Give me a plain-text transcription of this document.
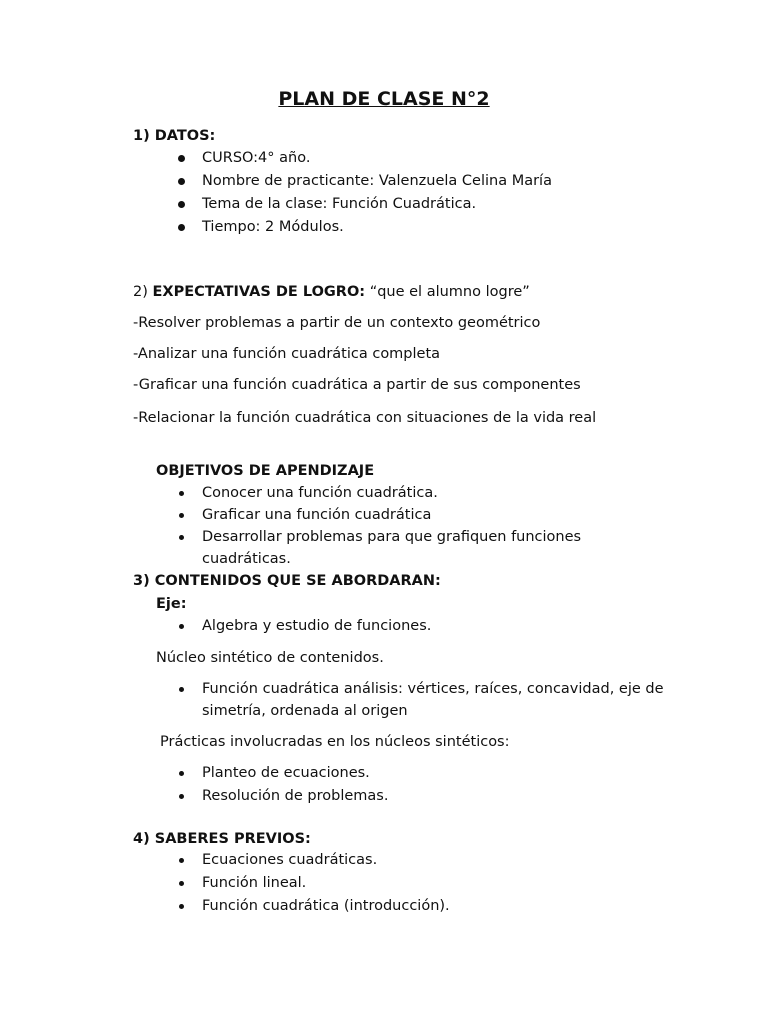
PLAN DE CLASE N°2
1) DATOS:
CURSO:4° año.
Nombre de practicante: Valenzuela Celina María
Tema de la clase: Función Cuadrática.
Tiempo: 2 Módulos.
2) EXPECTATIVAS DE LOGRO: “que el alumno logre”
-Resolver problemas a partir de un contexto geométrico
-Analizar una función cuadrática completa
-Graficar una función cuadrática a partir de sus componentes
-Relacionar la función cuadrática con situaciones de la vida real
OBJETIVOS DE APENDIZAJE
Conocer una función cuadrática.
Graficar una función cuadrática
Desarrollar problemas para que grafiquen funciones
cuadráticas.
3) CONTENIDOS QUE SE ABORDARAN:
Eje:
Algebra y estudio de funciones.
Núcleo sintético de contenidos.
Función cuadrática análisis: vértices, raíces, concavidad, eje de
simetría, ordenada al origen
Prácticas involucradas en los núcleos sintéticos:
Planteo de ecuaciones.
Resolución de problemas.
4) SABERES PREVIOS:
Ecuaciones cuadráticas.
Función lineal.
Función cuadrática (introducción).
